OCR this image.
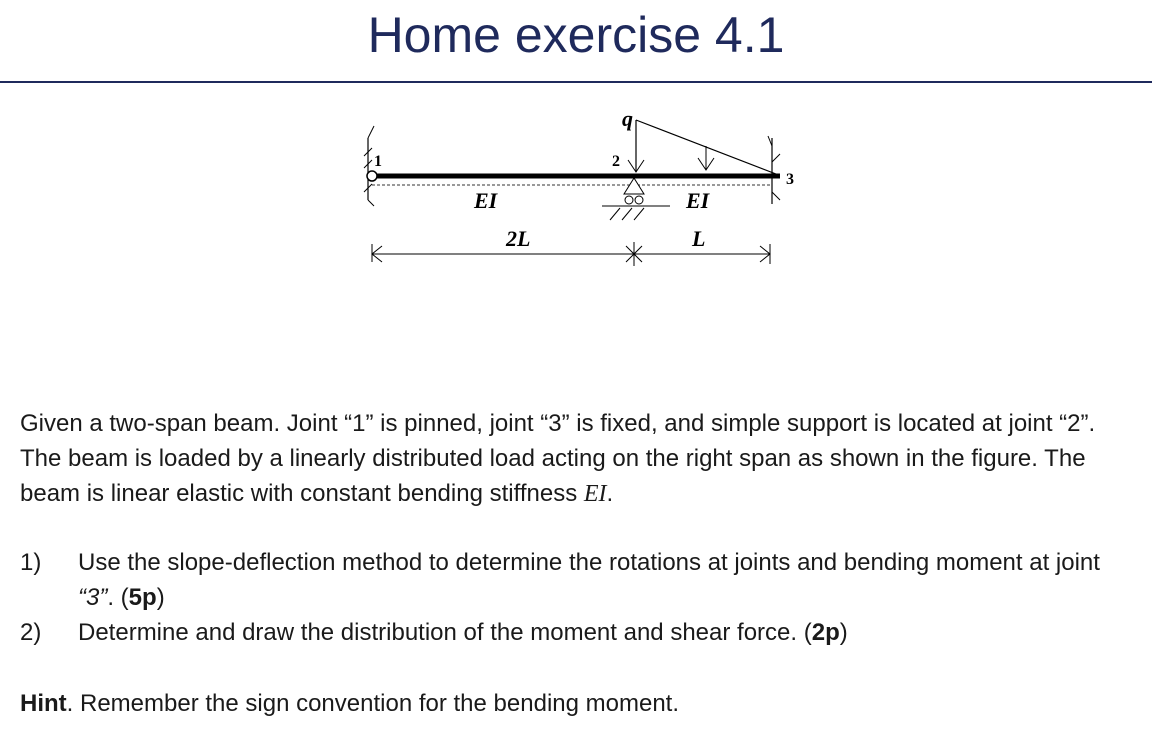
Home exercise 4.1
q
1	2
3
EI	EI
2L	L
Given a two-span beam. Joint “1” is pinned, joint “3” is fixed, and simple support is located at joint “2”. The beam is loaded by a linearly distributed load acting on the right span as shown in the figure. The beam is linear elastic with constant bending stiffness EI.
1)	Use the slope-deflection method to determine the rotations at joints and bending moment at joint “3”. (5p)
2)	Determine and draw the distribution of the moment and shear force. (2p)
Hint. Remember the sign convention for the bending moment.
